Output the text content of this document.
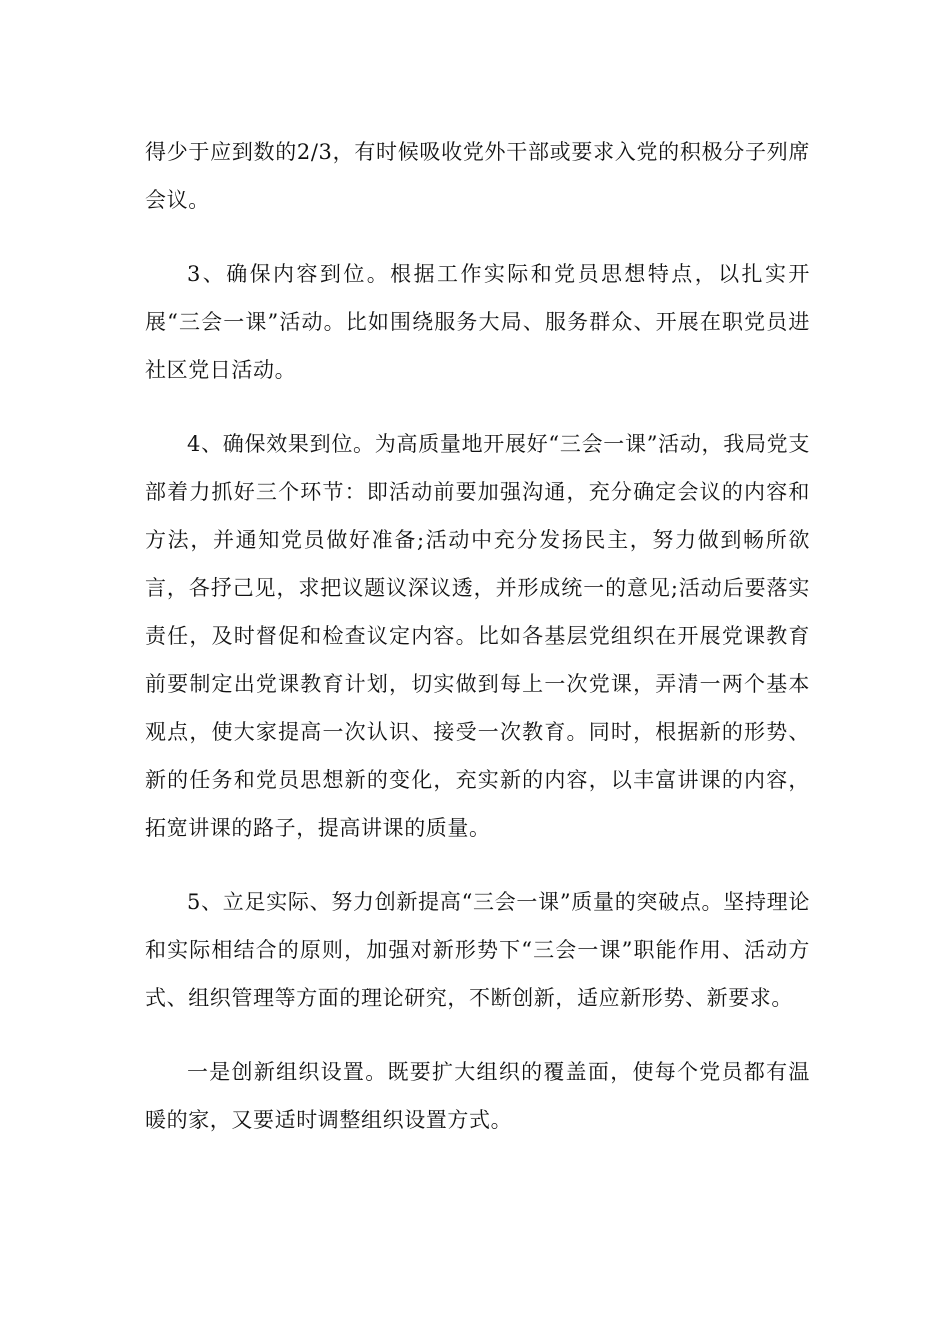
得少于应到数的2/3，有时候吸收党外干部或要求入党的积极分子列席会议。

3、确保内容到位。根据工作实际和党员思想特点，以扎实开展“三会一课”活动。比如围绕服务大局、服务群众、开展在职党员进社区党日活动。

4、确保效果到位。为高质量地开展好“三会一课”活动，我局党支部着力抓好三个环节：即活动前要加强沟通，充分确定会议的内容和方法，并通知党员做好准备;活动中充分发扬民主，努力做到畅所欲言，各抒己见，求把议题议深议透，并形成统一的意见;活动后要落实责任，及时督促和检查议定内容。比如各基层党组织在开展党课教育前要制定出党课教育计划，切实做到每上一次党课，弄清一两个基本观点，使大家提高一次认识、接受一次教育。同时，根据新的形势、新的任务和党员思想新的变化，充实新的内容，以丰富讲课的内容，拓宽讲课的路子，提高讲课的质量。

5、立足实际、努力创新提高“三会一课”质量的突破点。坚持理论和实际相结合的原则，加强对新形势下“三会一课”职能作用、活动方式、组织管理等方面的理论研究，不断创新，适应新形势、新要求。

一是创新组织设置。既要扩大组织的覆盖面，使每个党员都有温暖的家，又要适时调整组织设置方式。
